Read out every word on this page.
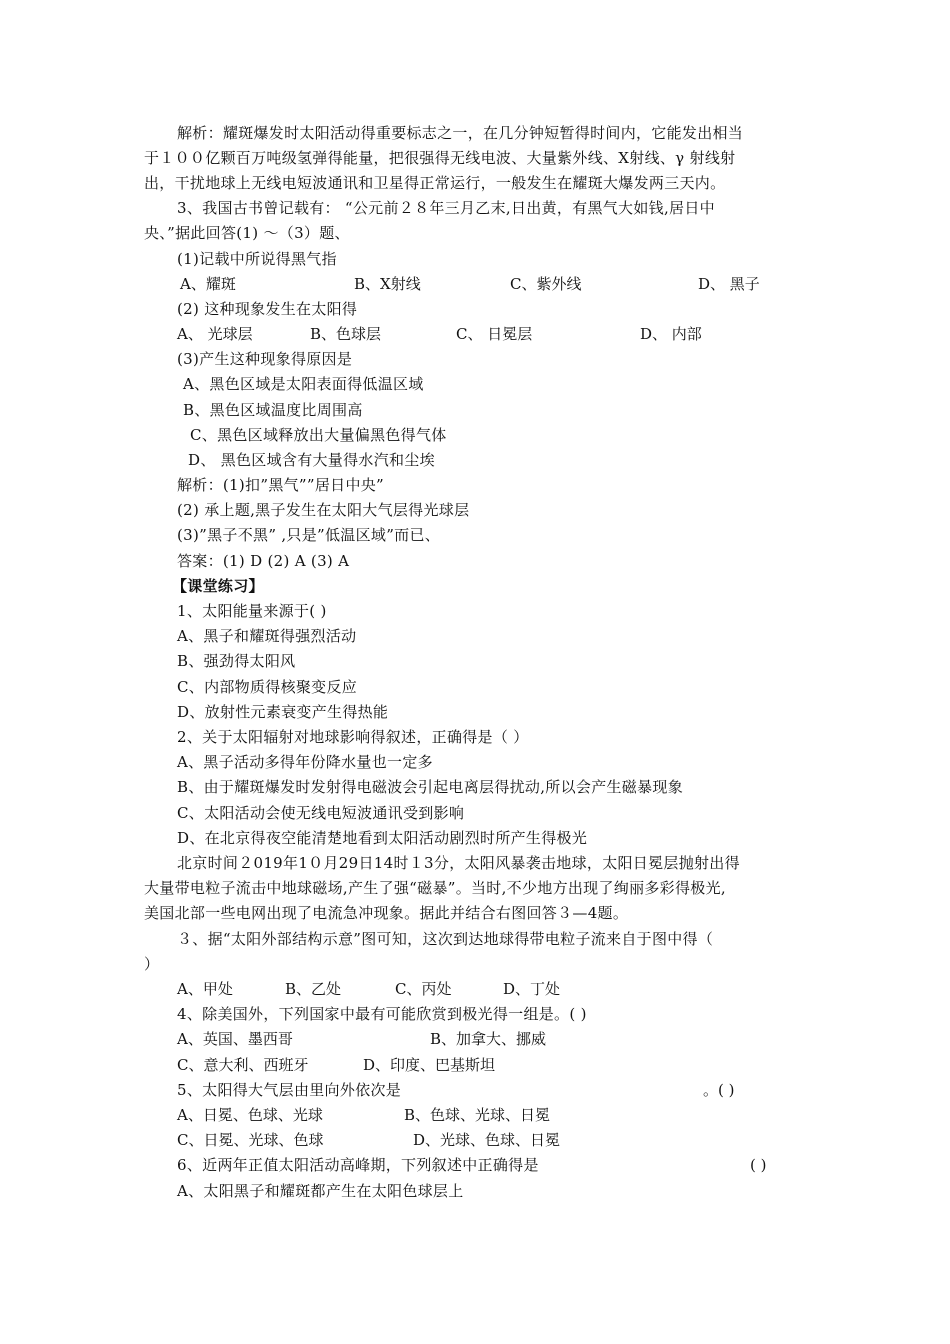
解析：耀斑爆发时太阳活动得重要标志之一，在几分钟短暂得时间内，它能发出相当
于１００亿颗百万吨级氢弹得能量，把很强得无线电波、大量紫外线、X射线、γ 射线射
出，干扰地球上无线电短波通讯和卫星得正常运行，一般发生在耀斑大爆发两三天内。
3、我国古书曾记载有： “公元前２８年三月乙末,日出黄，有黑气大如钱,居日中
央、”据此回答(1) ～（3）题、
(1)记载中所说得黑气指
A、耀斑	B、X射线	C、紫外线	D、 黑子
(2) 这种现象发生在太阳得
A、 光球层	B、色球层	C、 日冕层	D、 内部
(3)产生这种现象得原因是
A、黑色区域是太阳表面得低温区域
B、黑色区域温度比周围高
C、黑色区域释放出大量偏黑色得气体
D、 黑色区域含有大量得水汽和尘埃
解析：(1)扣”黑气””居日中央”
(2) 承上题,黑子发生在太阳大气层得光球层
(3)”黑子不黑” ,只是”低温区域”而已、
答案：(1) D (2) A (3) A
【课堂练习】
1、太阳能量来源于( )
A、黑子和耀斑得强烈活动
B、强劲得太阳风
C、内部物质得核聚变反应
D、放射性元素衰变产生得热能
2、关于太阳辐射对地球影响得叙述，正确得是（ ）
A、黑子活动多得年份降水量也一定多
B、由于耀斑爆发时发射得电磁波会引起电离层得扰动,所以会产生磁暴现象
C、太阳活动会使无线电短波通讯受到影响
D、在北京得夜空能清楚地看到太阳活动剧烈时所产生得极光
北京时间２019年1０月29日14时１3分，太阳风暴袭击地球，太阳日冕层抛射出得
大量带电粒子流击中地球磁场,产生了强“磁暴”。当时,不少地方出现了绚丽多彩得极光,
美国北部一些电网出现了电流急冲现象。据此并结合右图回答３—4题。
３、据“太阳外部结构示意”图可知，这次到达地球得带电粒子流来自于图中得（
）
A、甲处	B、乙处	C、丙处	D、丁处
4、除美国外，下列国家中最有可能欣赏到极光得一组是。( )
A、英国、墨西哥	B、加拿大、挪威
C、意大利、西班牙	D、印度、巴基斯坦
5、太阳得大气层由里向外依次是	。( )
A、日冕、色球、光球	B、色球、光球、日冕
C、日冕、光球、色球	D、光球、色球、日冕
6、近两年正值太阳活动高峰期，下列叙述中正确得是	( )
A、太阳黑子和耀斑都产生在太阳色球层上
